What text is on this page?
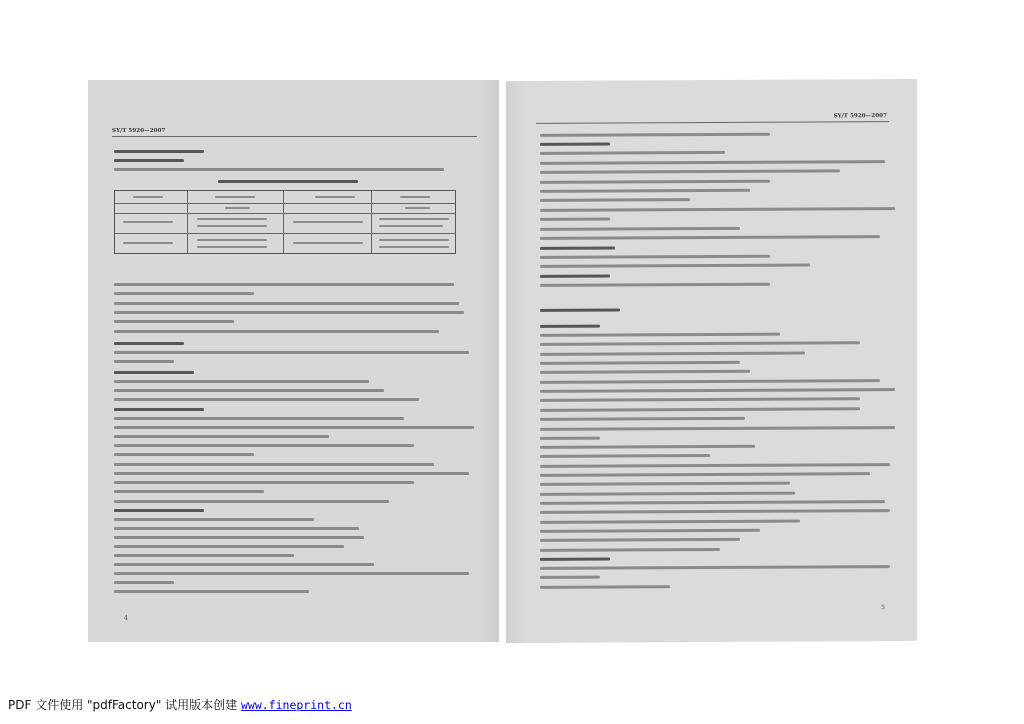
SY/T 5920—2007
4
SY/T 5920—2007
5
PDF 文件使用 "pdfFactory" 试用版本创建 www.fineprint.cn
